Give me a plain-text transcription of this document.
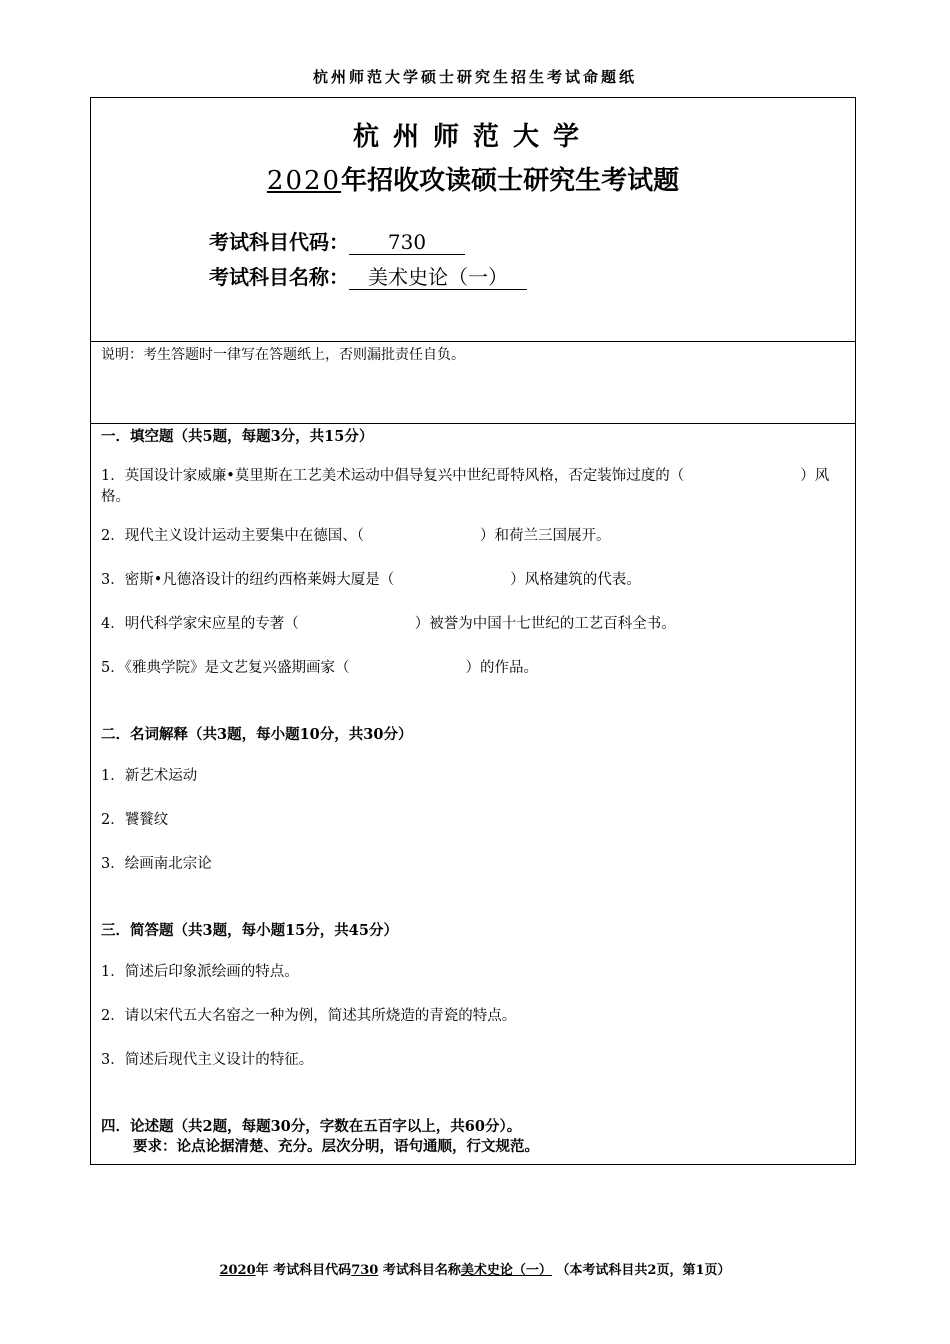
杭州师范大学硕士研究生招生考试命题纸
杭州师范大学
2020年招收攻读硕士研究生考试题
考试科目代码： 730
考试科目名称： 美术史论（一）
说明：考生答题时一律写在答题纸上，否则漏批责任自负。
一．填空题（共5题，每题3分，共15分）
1．英国设计家威廉•莫里斯在工艺美术运动中倡导复兴中世纪哥特风格，否定装饰过度的（　　　　　　　　）风格。
2．现代主义设计运动主要集中在德国、（　　　　　　　　）和荷兰三国展开。
3．密斯•凡德洛设计的纽约西格莱姆大厦是（　　　　　　　　）风格建筑的代表。
4．明代科学家宋应星的专著（　　　　　　　　）被誉为中国十七世纪的工艺百科全书。
5．《雅典学院》是文艺复兴盛期画家（　　　　　　　　）的作品。
二．名词解释（共3题，每小题10分，共30分）
1．新艺术运动
2．饕餮纹
3．绘画南北宗论
三．简答题（共3题，每小题15分，共45分）
1．简述后印象派绘画的特点。
2．请以宋代五大名窑之一种为例，简述其所烧造的青瓷的特点。
3．简述后现代主义设计的特征。
四．论述题（共2题，每题30分，字数在五百字以上，共60分）。
要求：论点论据清楚、充分。层次分明，语句通顺，行文规范。
2020年 考试科目代码730 考试科目名称美术史论（一） （本考试科目共2页，第1页）
